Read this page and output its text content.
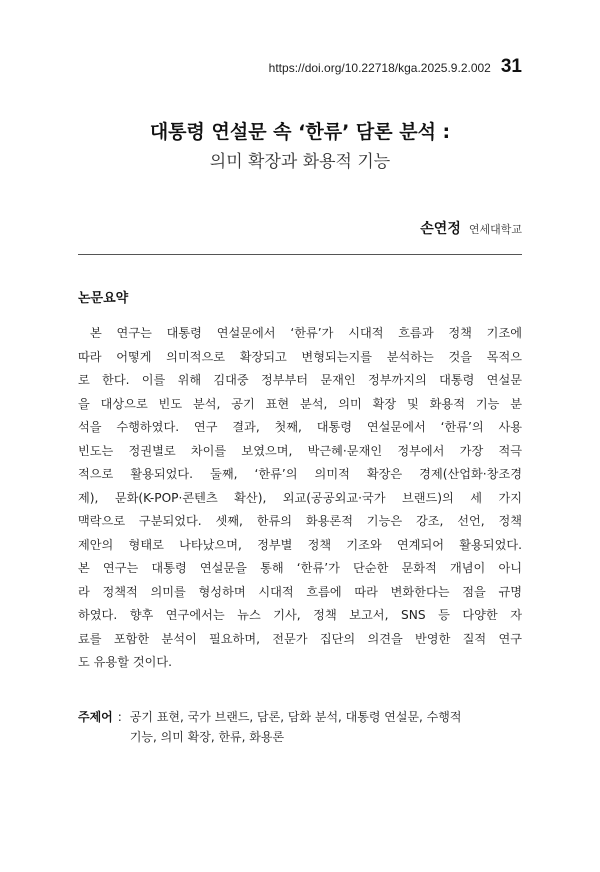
https://doi.org/10.22718/kga.2025.9.2.002 31
대통령 연설문 속 ‘한류’ 담론 분석 :
의미 확장과 화용적 기능
손연정 연세대학교
논문요약
본 연구는 대통령 연설문에서 ‘한류’가 시대적 흐름과 정책 기조에
따라 어떻게 의미적으로 확장되고 변형되는지를 분석하는 것을 목적으
로 한다. 이를 위해 김대중 정부부터 문재인 정부까지의 대통령 연설문
을 대상으로 빈도 분석, 공기 표현 분석, 의미 확장 및 화용적 기능 분
석을 수행하였다. 연구 결과, 첫째, 대통령 연설문에서 ‘한류’의 사용
빈도는 정권별로 차이를 보였으며, 박근혜·문재인 정부에서 가장 적극
적으로 활용되었다. 둘째, ‘한류’의 의미적 확장은 경제(산업화·창조경
제), 문화(K-POP·콘텐츠 확산), 외교(공공외교·국가 브랜드)의 세 가지
맥락으로 구분되었다. 셋째, 한류의 화용론적 기능은 강조, 선언, 정책
제안의 형태로 나타났으며, 정부별 정책 기조와 연계되어 활용되었다.
본 연구는 대통령 연설문을 통해 ‘한류’가 단순한 문화적 개념이 아니
라 정책적 의미를 형성하며 시대적 흐름에 따라 변화한다는 점을 규명
하였다. 향후 연구에서는 뉴스 기사, 정책 보고서, SNS 등 다양한 자
료를 포함한 분석이 필요하며, 전문가 집단의 의견을 반영한 질적 연구
도 유용할 것이다.
주제어 : 공기 표현, 국가 브랜드, 담론, 담화 분석, 대통령 연설문, 수행적
기능, 의미 확장, 한류, 화용론
